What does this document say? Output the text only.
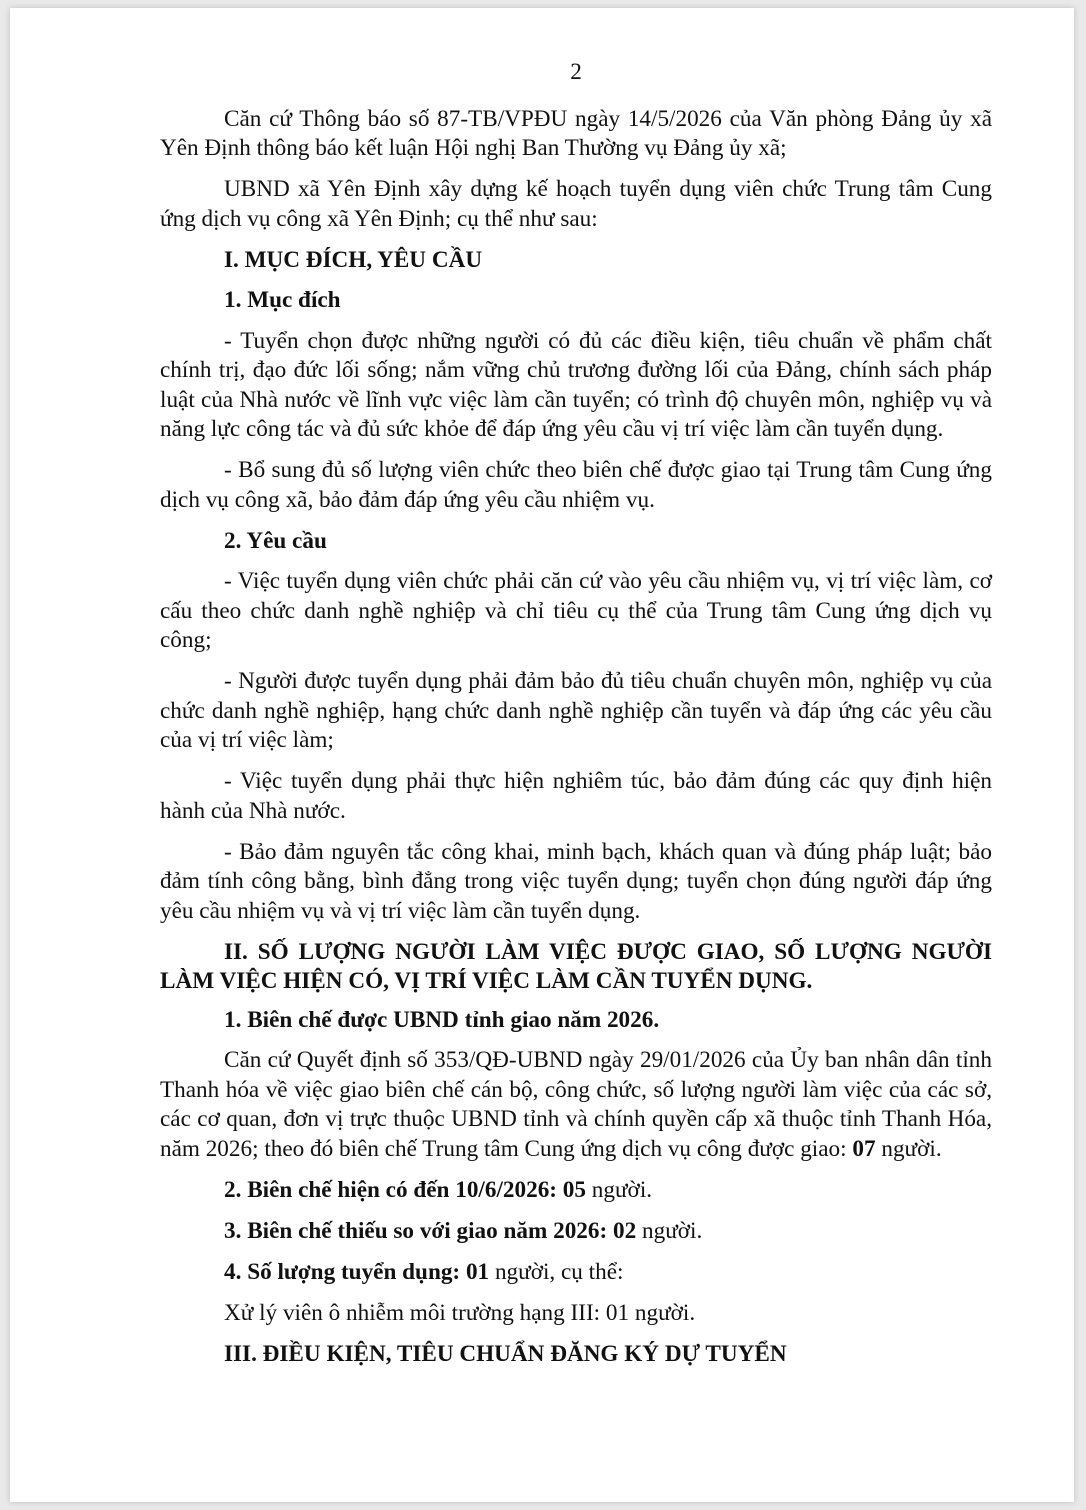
2

Căn cứ Thông báo số 87-TB/VPĐU ngày 14/5/2026 của Văn phòng Đảng ủy xã Yên Định thông báo kết luận Hội nghị Ban Thường vụ Đảng ủy xã;

UBND xã Yên Định xây dựng kế hoạch tuyển dụng viên chức Trung tâm Cung ứng dịch vụ công xã Yên Định; cụ thể như sau:

I. MỤC ĐÍCH, YÊU CẦU

1. Mục đích

- Tuyển chọn được những người có đủ các điều kiện, tiêu chuẩn về phẩm chất chính trị, đạo đức lối sống; nắm vững chủ trương đường lối của Đảng, chính sách pháp luật của Nhà nước về lĩnh vực việc làm cần tuyển; có trình độ chuyên môn, nghiệp vụ và năng lực công tác và đủ sức khỏe để đáp ứng yêu cầu vị trí việc làm cần tuyển dụng.

- Bổ sung đủ số lượng viên chức theo biên chế được giao tại Trung tâm Cung ứng dịch vụ công xã, bảo đảm đáp ứng yêu cầu nhiệm vụ.

2. Yêu cầu

- Việc tuyển dụng viên chức phải căn cứ vào yêu cầu nhiệm vụ, vị trí việc làm, cơ cấu theo chức danh nghề nghiệp và chỉ tiêu cụ thể của Trung tâm Cung ứng dịch vụ công;

- Người được tuyển dụng phải đảm bảo đủ tiêu chuẩn chuyên môn, nghiệp vụ của chức danh nghề nghiệp, hạng chức danh nghề nghiệp cần tuyển và đáp ứng các yêu cầu của vị trí việc làm;

- Việc tuyển dụng phải thực hiện nghiêm túc, bảo đảm đúng các quy định hiện hành của Nhà nước.

- Bảo đảm nguyên tắc công khai, minh bạch, khách quan và đúng pháp luật; bảo đảm tính công bằng, bình đẳng trong việc tuyển dụng; tuyển chọn đúng người đáp ứng yêu cầu nhiệm vụ và vị trí việc làm cần tuyển dụng.

II. SỐ LƯỢNG NGƯỜI LÀM VIỆC ĐƯỢC GIAO, SỐ LƯỢNG NGƯỜI LÀM VIỆC HIỆN CÓ, VỊ TRÍ VIỆC LÀM CẦN TUYỂN DỤNG.

1. Biên chế được UBND tỉnh giao năm 2026.

Căn cứ Quyết định số 353/QĐ-UBND ngày 29/01/2026 của Ủy ban nhân dân tỉnh Thanh hóa về việc giao biên chế cán bộ, công chức, số lượng người làm việc của các sở, các cơ quan, đơn vị trực thuộc UBND tỉnh và chính quyền cấp xã thuộc tỉnh Thanh Hóa, năm 2026; theo đó biên chế Trung tâm Cung ứng dịch vụ công được giao: 07 người.

2. Biên chế hiện có đến 10/6/2026: 05 người.

3. Biên chế thiếu so với giao năm 2026: 02 người.

4. Số lượng tuyển dụng: 01 người, cụ thể:

Xử lý viên ô nhiễm môi trường hạng III: 01 người.

III. ĐIỀU KIỆN, TIÊU CHUẨN ĐĂNG KÝ DỰ TUYỂN
